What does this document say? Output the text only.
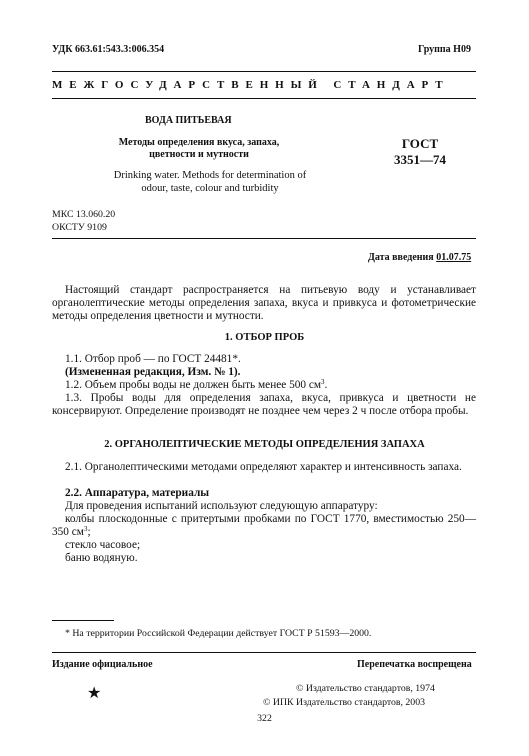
УДК 663.61:543.3:006.354	Группа Н09
МЕЖГОСУДАРСТВЕННЫЙ СТАНДАРТ
ВОДА ПИТЬЕВАЯ
Методы определения вкуса, запаха,
цветности и мутности
ГОСТ
3351—74
Drinking water. Methods for determination of
odour, taste, colour and turbidity
МКС 13.060.20
ОКСТУ 9109
Дата введения 01.07.75
Настоящий стандарт распространяется на питьевую воду и устанавливает органолептические методы определения запаха, вкуса и привкуса и фотометрические методы определения цветности и мутности.
1. ОТБОР ПРОБ
1.1. Отбор проб — по ГОСТ 24481*.
(Измененная редакция, Изм. № 1).
1.2. Объем пробы воды не должен быть менее 500 $см^3$.
1.3. Пробы воды для определения запаха, вкуса, привкуса и цветности не консервируют. Определение производят не позднее чем через 2 ч после отбора пробы.
2. ОРГАНОЛЕПТИЧЕСКИЕ МЕТОДЫ ОПРЕДЕЛЕНИЯ ЗАПАХА
2.1. Органолептическими методами определяют характер и интенсивность запаха.
2.2. Аппаратура, материалы
Для проведения испытаний используют следующую аппаратуру:
колбы плоскодонные с притертыми пробками по ГОСТ 1770, вместимостью 250—350 $см^3$;
стекло часовое;
баню водяную.
* На территории Российской Федерации действует ГОСТ Р 51593—2000.
Издание официальное	Перепечатка воспрещена
★	© Издательство стандартов, 1974
© ИПК Издательство стандартов, 2003
322
